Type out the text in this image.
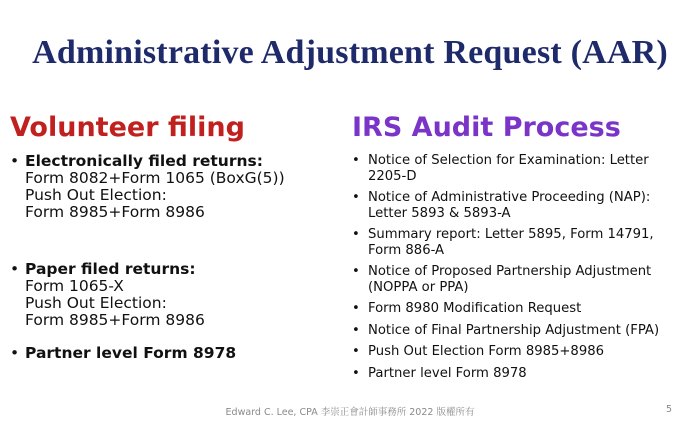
Administrative Adjustment Request (AAR)
Volunteer filing
• Electronically filed returns:
Form 8082+Form 1065 (BoxG(5))
Push Out Election:
Form 8985+Form 8986
• Paper filed returns:
Form 1065-X
Push Out Election:
Form 8985+Form 8986
• Partner level Form 8978
IRS Audit Process
• Notice of Selection for Examination: Letter
2205-D
• Notice of Administrative Proceeding (NAP):
Letter 5893 & 5893-A
• Summary report: Letter 5895, Form 14791,
Form 886-A
• Notice of Proposed Partnership Adjustment
(NOPPA or PPA)
• Form 8980 Modification Request
• Notice of Final Partnership Adjustment (FPA)
• Push Out Election Form 8985+8986
• Partner level Form 8978
Edward C. Lee, CPA 李崇正會計師事務所 2022 版權所有	5
